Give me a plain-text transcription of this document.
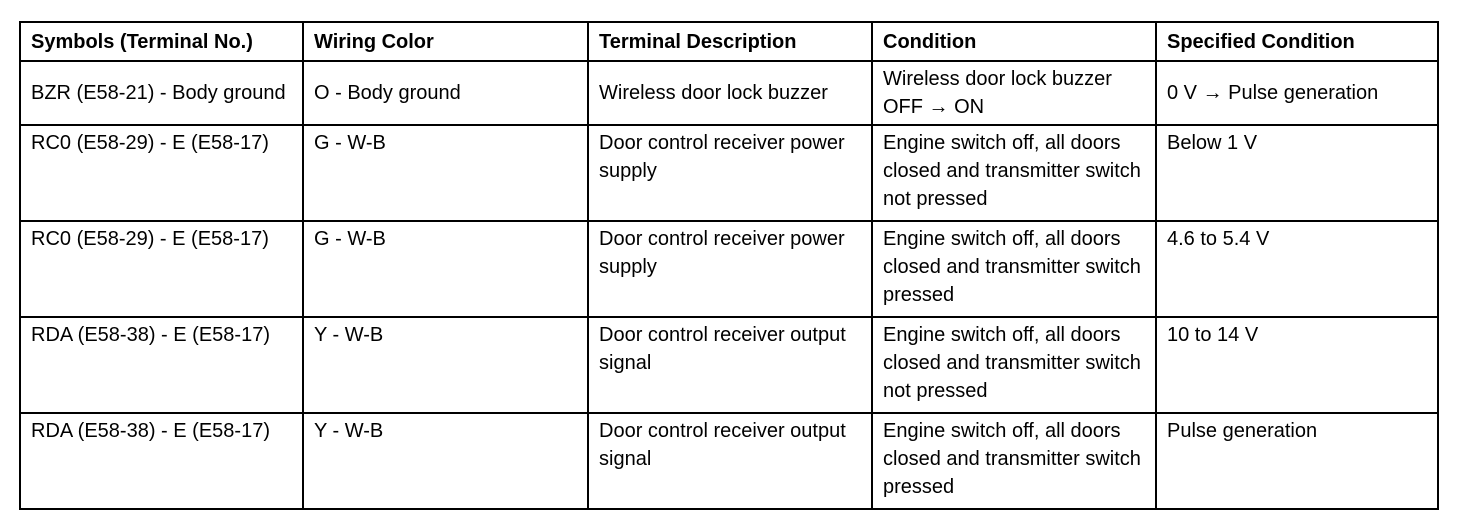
Symbols (Terminal No.)	Wiring Color	Terminal Description	Condition	Specified Condition
BZR (E58-21) - Body ground	O - Body ground	Wireless door lock buzzer	Wireless door lock buzzer OFF → ON	0 V → Pulse generation
RC0 (E58-29) - E (E58-17)	G - W-B	Door control receiver power supply	Engine switch off, all doors closed and transmitter switch not pressed	Below 1 V
RC0 (E58-29) - E (E58-17)	G - W-B	Door control receiver power supply	Engine switch off, all doors closed and transmitter switch pressed	4.6 to 5.4 V
RDA (E58-38) - E (E58-17)	Y - W-B	Door control receiver output signal	Engine switch off, all doors closed and transmitter switch not pressed	10 to 14 V
RDA (E58-38) - E (E58-17)	Y - W-B	Door control receiver output signal	Engine switch off, all doors closed and transmitter switch pressed	Pulse generation
